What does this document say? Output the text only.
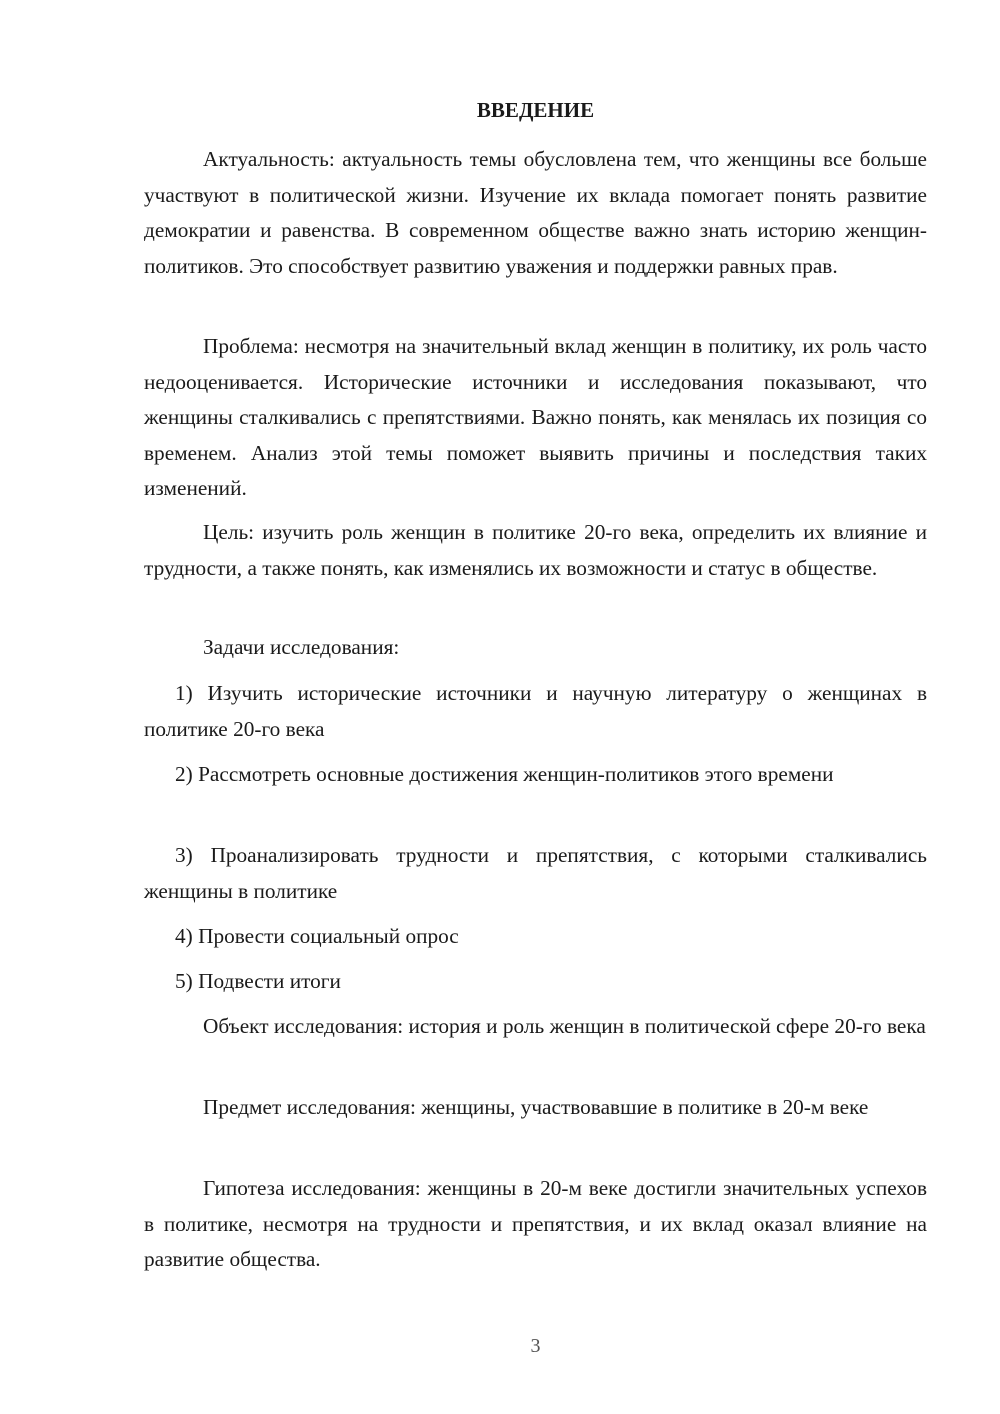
ВВЕДЕНИЕ

Актуальность: актуальность темы обусловлена тем, что женщины все больше участвуют в политической жизни. Изучение их вклада помогает понять развитие демократии и равенства. В современном обществе важно знать историю женщин-политиков. Это способствует развитию уважения и поддержки равных прав.

Проблема: несмотря на значительный вклад женщин в политику, их роль часто недооценивается. Исторические источники и исследования показывают, что женщины сталкивались с препятствиями. Важно понять, как менялась их позиция со временем. Анализ этой темы поможет выявить причины и последствия таких изменений.

Цель: изучить роль женщин в политике 20-го века, определить их влияние и трудности, а также понять, как изменялись их возможности и статус в обществе.

Задачи исследования:

1) Изучить исторические источники и научную литературу о женщинах в политике 20-го века

2) Рассмотреть основные достижения женщин-политиков этого времени

3) Проанализировать трудности и препятствия, с которыми сталкивались женщины в политике

4) Провести социальный опрос

5) Подвести итоги

Объект исследования: история и роль женщин в политической сфере 20-го века

Предмет исследования: женщины, участвовавшие в политике в 20-м веке

Гипотеза исследования: женщины в 20-м веке достигли значительных успехов в политике, несмотря на трудности и препятствия, и их вклад оказал влияние на развитие общества.

3
